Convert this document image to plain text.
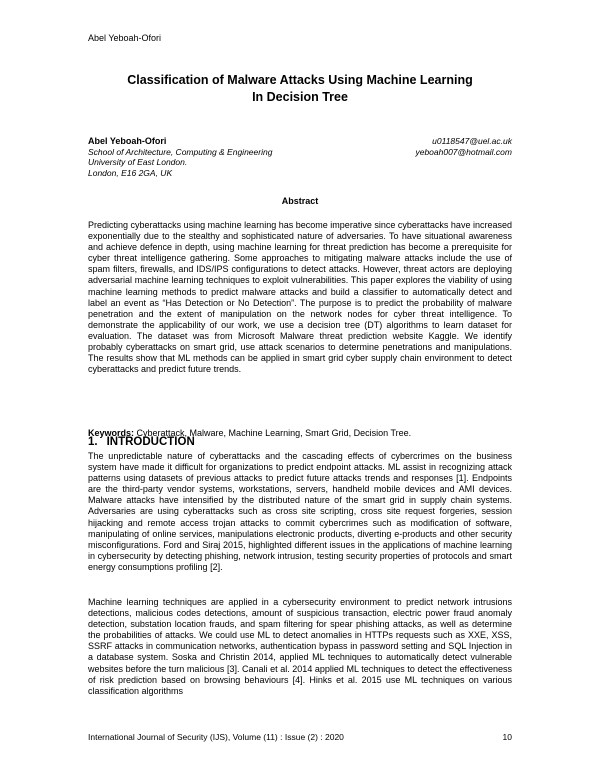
Abel Yeboah-Ofori
Classification of Malware Attacks Using Machine Learning
In Decision Tree
Abel Yeboah-Ofori
School of Architecture, Computing & Engineering
University of East London.
London, E16 2GA, UK
u0118547@uel.ac.uk
yeboah007@hotmail.com
Abstract
Predicting cyberattacks using machine learning has become imperative since cyberattacks have increased exponentially due to the stealthy and sophisticated nature of adversaries. To have situational awareness and achieve defence in depth, using machine learning for threat prediction has become a prerequisite for cyber threat intelligence gathering. Some approaches to mitigating malware attacks include the use of spam filters, firewalls, and IDS/IPS configurations to detect attacks. However, threat actors are deploying adversarial machine learning techniques to exploit vulnerabilities. This paper explores the viability of using machine learning methods to predict malware attacks and build a classifier to automatically detect and label an event as “Has Detection or No Detection”. The purpose is to predict the probability of malware penetration and the extent of manipulation on the network nodes for cyber threat intelligence. To demonstrate the applicability of our work, we use a decision tree (DT) algorithms to learn dataset for evaluation. The dataset was from Microsoft Malware threat prediction website Kaggle. We identify probably cyberattacks on smart grid, use attack scenarios to determine penetrations and manipulations. The results show that ML methods can be applied in smart grid cyber supply chain environment to detect cyberattacks and predict future trends.
Keywords: Cyberattack, Malware, Machine Learning, Smart Grid, Decision Tree.
1. INTRODUCTION
The unpredictable nature of cyberattacks and the cascading effects of cybercrimes on the business system have made it difficult for organizations to predict endpoint attacks. ML assist in recognizing attack patterns using datasets of previous attacks to predict future attacks trends and responses [1]. Endpoints are the third-party vendor systems, workstations, servers, handheld mobile devices and AMI devices. Malware attacks have intensified by the distributed nature of the smart grid in supply chain systems. Adversaries are using cyberattacks such as cross site scripting, cross site request forgeries, session hijacking and remote access trojan attacks to commit cybercrimes such as modification of software, manipulating of online services, manipulations electronic products, diverting e-products and other security misconfigurations. Ford and Siraj 2015, highlighted different issues in the applications of machine learning in cybersecurity by detecting phishing, network intrusion, testing security properties of protocols and smart energy consumptions profiling [2].
Machine learning techniques are applied in a cybersecurity environment to predict network intrusions detections, malicious codes detections, amount of suspicious transaction, electric power fraud anomaly detection, substation location frauds, and spam filtering for spear phishing attacks, as well as determine the probabilities of attacks. We could use ML to detect anomalies in HTTPs requests such as XXE, XSS, SSRF attacks in communication networks, authentication bypass in password setting and SQL Injection in a database system. Soska and Christin 2014, applied ML techniques to automatically detect vulnerable websites before the turn malicious [3]. Canali et al. 2014 applied ML techniques to detect the effectiveness of risk prediction based on browsing behaviours [4]. Hinks et al. 2015 use ML techniques on various classification algorithms
International Journal of Security (IJS), Volume (11) : Issue (2) : 2020	10
